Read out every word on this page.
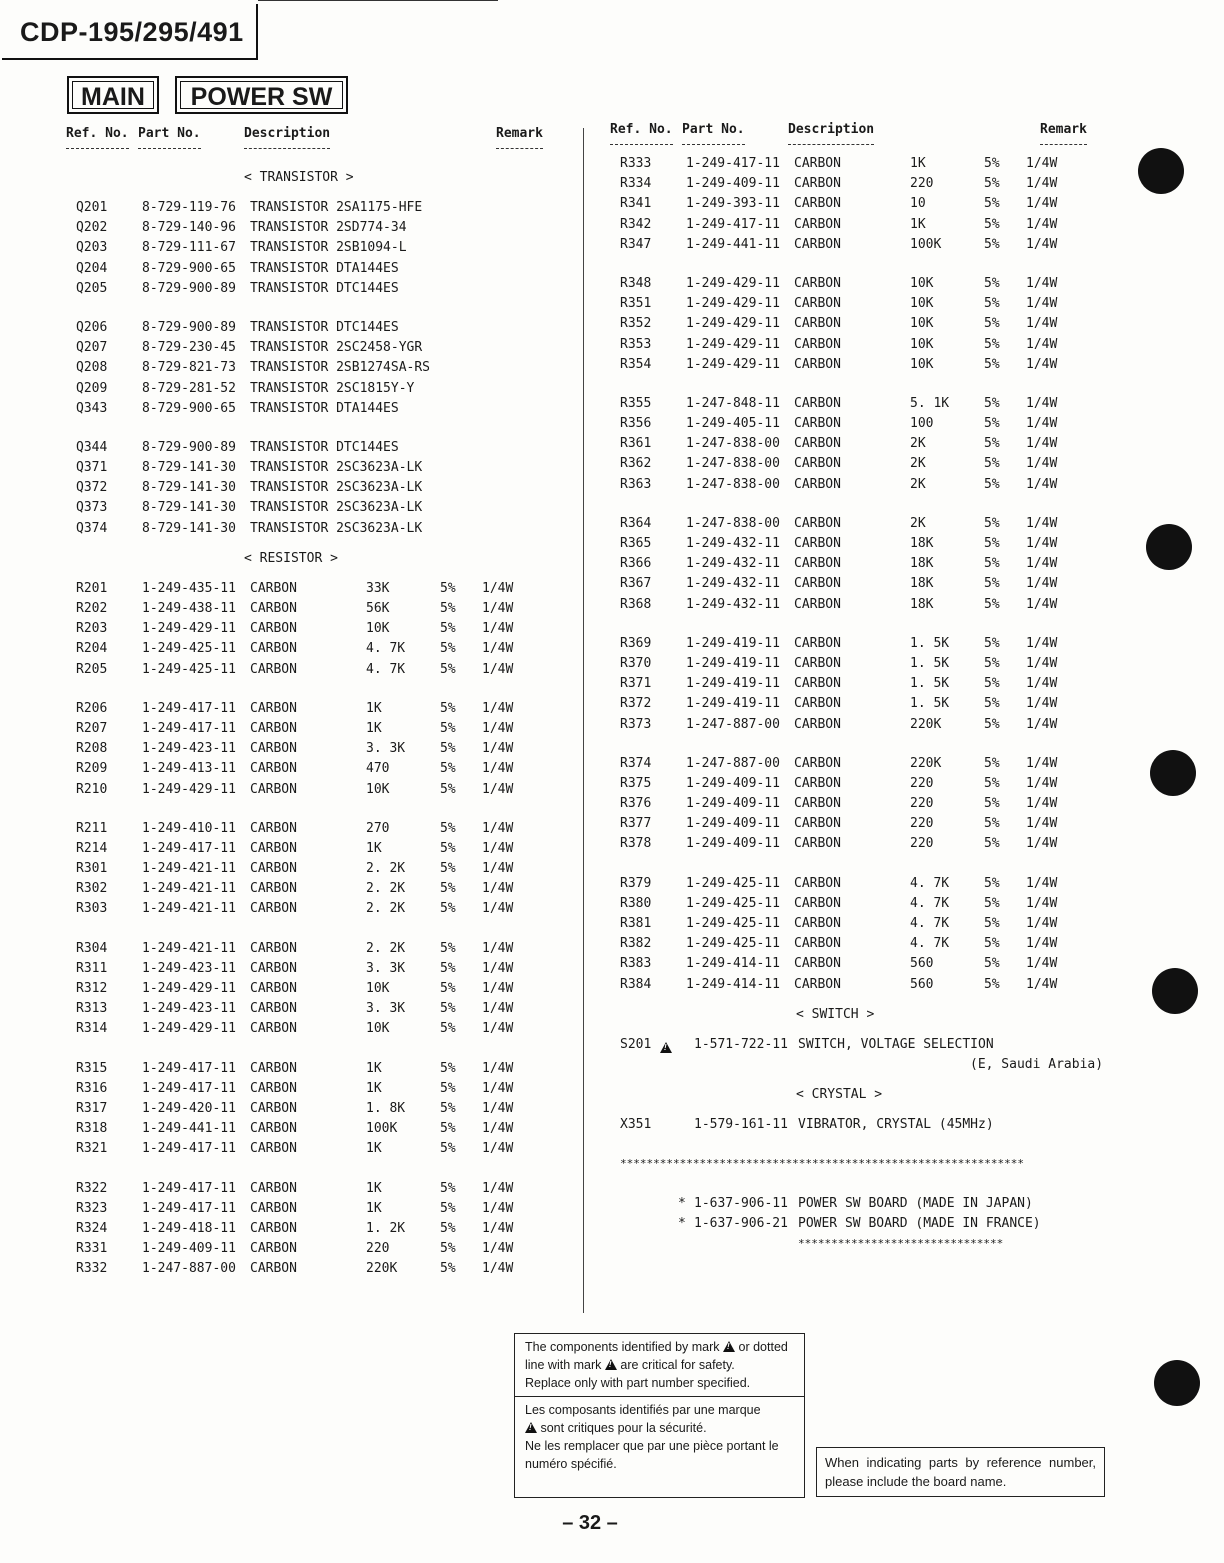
CDP-195/295/491
MAIN	POWER SW
Ref. No. Part No.	Description	Remark
< TRANSISTOR >
Q201	8-729-119-76 TRANSISTOR 2SA1175-HFE
Q202	8-729-140-96 TRANSISTOR 2SD774-34
Q203	8-729-111-67 TRANSISTOR 2SB1094-L
Q204	8-729-900-65 TRANSISTOR DTA144ES
Q205	8-729-900-89 TRANSISTOR DTC144ES
Q206	8-729-900-89 TRANSISTOR DTC144ES
Q207	8-729-230-45 TRANSISTOR 2SC2458-YGR
Q208	8-729-821-73 TRANSISTOR 2SB1274SA-RS
Q209	8-729-281-52 TRANSISTOR 2SC1815Y-Y
Q343	8-729-900-65 TRANSISTOR DTA144ES
Q344	8-729-900-89 TRANSISTOR DTC144ES
Q371	8-729-141-30 TRANSISTOR 2SC3623A-LK
Q372	8-729-141-30 TRANSISTOR 2SC3623A-LK
Q373	8-729-141-30 TRANSISTOR 2SC3623A-LK
Q374	8-729-141-30 TRANSISTOR 2SC3623A-LK
< RESISTOR >
R201	1-249-435-11 CARBON	33K	5% 1/4W
R202	1-249-438-11 CARBON	56K	5% 1/4W
R203	1-249-429-11 CARBON	10K	5% 1/4W
R204	1-249-425-11 CARBON	4. 7K	5% 1/4W
R205	1-249-425-11 CARBON	4. 7K	5% 1/4W
R206	1-249-417-11 CARBON	1K	5% 1/4W
R207	1-249-417-11 CARBON	1K	5% 1/4W
R208	1-249-423-11 CARBON	3. 3K	5% 1/4W
R209	1-249-413-11 CARBON	470	5% 1/4W
R210	1-249-429-11 CARBON	10K	5% 1/4W
R211	1-249-410-11 CARBON	270	5% 1/4W
R214	1-249-417-11 CARBON	1K	5% 1/4W
R301	1-249-421-11 CARBON	2. 2K	5% 1/4W
R302	1-249-421-11 CARBON	2. 2K	5% 1/4W
R303	1-249-421-11 CARBON	2. 2K	5% 1/4W
R304	1-249-421-11 CARBON	2. 2K	5% 1/4W
R311	1-249-423-11 CARBON	3. 3K	5% 1/4W
R312	1-249-429-11 CARBON	10K	5% 1/4W
R313	1-249-423-11 CARBON	3. 3K	5% 1/4W
R314	1-249-429-11 CARBON	10K	5% 1/4W
R315	1-249-417-11 CARBON	1K	5% 1/4W
R316	1-249-417-11 CARBON	1K	5% 1/4W
R317	1-249-420-11 CARBON	1. 8K	5% 1/4W
R318	1-249-441-11 CARBON	100K	5% 1/4W
R321	1-249-417-11 CARBON	1K	5% 1/4W
R322	1-249-417-11 CARBON	1K	5% 1/4W
R323	1-249-417-11 CARBON	1K	5% 1/4W
R324	1-249-418-11 CARBON	1. 2K	5% 1/4W
R331	1-249-409-11 CARBON	220	5% 1/4W
R332	1-247-887-00 CARBON	220K	5% 1/4W
Ref. No. Part No.	Description	Remark
R333	1-249-417-11 CARBON	1K	5% 1/4W
R334	1-249-409-11 CARBON	220	5% 1/4W
R341	1-249-393-11 CARBON	10	5% 1/4W
R342	1-249-417-11 CARBON	1K	5% 1/4W
R347	1-249-441-11 CARBON	100K	5% 1/4W
R348	1-249-429-11 CARBON	10K	5% 1/4W
R351	1-249-429-11 CARBON	10K	5% 1/4W
R352	1-249-429-11 CARBON	10K	5% 1/4W
R353	1-249-429-11 CARBON	10K	5% 1/4W
R354	1-249-429-11 CARBON	10K	5% 1/4W
R355	1-247-848-11 CARBON	5. 1K	5% 1/4W
R356	1-249-405-11 CARBON	100	5% 1/4W
R361	1-247-838-00 CARBON	2K	5% 1/4W
R362	1-247-838-00 CARBON	2K	5% 1/4W
R363	1-247-838-00 CARBON	2K	5% 1/4W
R364	1-247-838-00 CARBON	2K	5% 1/4W
R365	1-249-432-11 CARBON	18K	5% 1/4W
R366	1-249-432-11 CARBON	18K	5% 1/4W
R367	1-249-432-11 CARBON	18K	5% 1/4W
R368	1-249-432-11 CARBON	18K	5% 1/4W
R369	1-249-419-11 CARBON	1. 5K	5% 1/4W
R370	1-249-419-11 CARBON	1. 5K	5% 1/4W
R371	1-249-419-11 CARBON	1. 5K	5% 1/4W
R372	1-249-419-11 CARBON	1. 5K	5% 1/4W
R373	1-247-887-00 CARBON	220K	5% 1/4W
R374	1-247-887-00 CARBON	220K	5% 1/4W
R375	1-249-409-11 CARBON	220	5% 1/4W
R376	1-249-409-11 CARBON	220	5% 1/4W
R377	1-249-409-11 CARBON	220	5% 1/4W
R378	1-249-409-11 CARBON	220	5% 1/4W
R379	1-249-425-11 CARBON	4. 7K	5% 1/4W
R380	1-249-425-11 CARBON	4. 7K	5% 1/4W
R381	1-249-425-11 CARBON	4. 7K	5% 1/4W
R382	1-249-425-11 CARBON	4. 7K	5% 1/4W
R383	1-249-414-11 CARBON	560	5% 1/4W
R384	1-249-414-11 CARBON	560	5% 1/4W
< SWITCH >
S201 !	1-571-722-11 SWITCH, VOLTAGE SELECTION
(E, Saudi Arabia)
< CRYSTAL >
X351	1-579-161-11 VIBRATOR, CRYSTAL (45MHz)
*************************************************************
* 1-637-906-11 POWER SW BOARD (MADE IN JAPAN)
* 1-637-906-21 POWER SW BOARD (MADE IN FRANCE)
*******************************
The components identified by mark ! or dotted line with mark ! are critical for safety.
Replace only with part number specified.
Les composants identifiés par une marque
! sont critiques pour la sécurité.
Ne les remplacer que par une pièce portant le numéro spécifié.	When indicating parts by reference number, please include the board name.
– 32 –
